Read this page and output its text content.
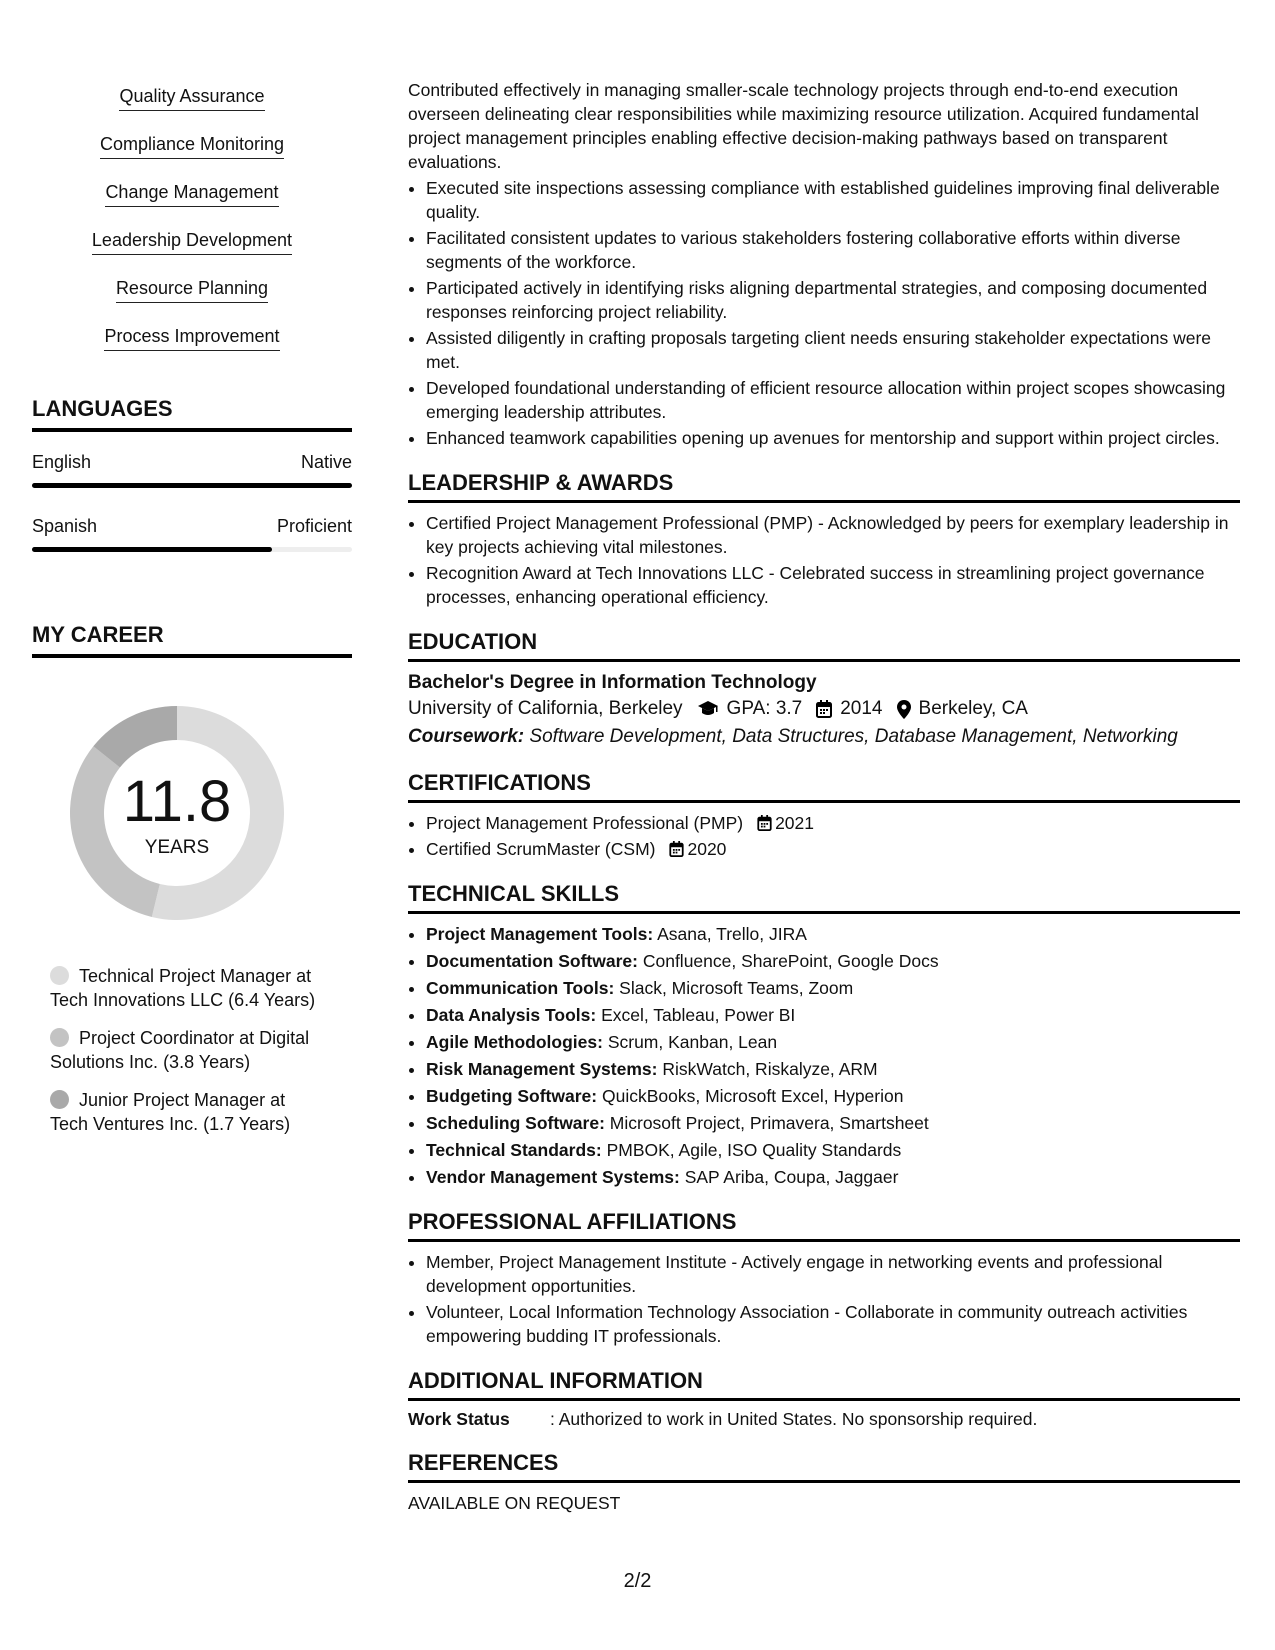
Quality Assurance
Compliance Monitoring
Change Management
Leadership Development
Resource Planning
Process Improvement
LANGUAGES
English	Native
Spanish	Proficient
MY CAREER
11.8
YEARS
Technical Project Manager at Tech Innovations LLC (6.4 Years)
Project Coordinator at Digital Solutions Inc. (3.8 Years)
Junior Project Manager at Tech Ventures Inc. (1.7 Years)

Contributed effectively in managing smaller-scale technology projects through end-to-end execution overseen delineating clear responsibilities while maximizing resource utilization. Acquired fundamental project management principles enabling effective decision-making pathways based on transparent evaluations.

• Executed site inspections assessing compliance with established guidelines improving final deliverable quality.
• Facilitated consistent updates to various stakeholders fostering collaborative efforts within diverse segments of the workforce.
• Participated actively in identifying risks aligning departmental strategies, and composing documented responses reinforcing project reliability.
• Assisted diligently in crafting proposals targeting client needs ensuring stakeholder expectations were met.
• Developed foundational understanding of efficient resource allocation within project scopes showcasing emerging leadership attributes.
• Enhanced teamwork capabilities opening up avenues for mentorship and support within project circles.
LEADERSHIP & AWARDS
• Certified Project Management Professional (PMP) - Acknowledged by peers for exemplary leadership in key projects achieving vital milestones.
• Recognition Award at Tech Innovations LLC - Celebrated success in streamlining project governance processes, enhancing operational efficiency.
EDUCATION
Bachelor's Degree in Information Technology
University of California, Berkeley GPA: 3.7 2014 Berkeley, CA

Coursework: Software Development, Data Structures, Database Management, Networking

CERTIFICATIONS
• Project Management Professional (PMP) 2021
• Certified ScrumMaster (CSM) 2020
TECHNICAL SKILLS
• Project Management Tools: Asana, Trello, JIRA
• Documentation Software: Confluence, SharePoint, Google Docs
• Communication Tools: Slack, Microsoft Teams, Zoom
• Data Analysis Tools: Excel, Tableau, Power BI
• Agile Methodologies: Scrum, Kanban, Lean
• Risk Management Systems: RiskWatch, Riskalyze, ARM
• Budgeting Software: QuickBooks, Microsoft Excel, Hyperion
• Scheduling Software: Microsoft Project, Primavera, Smartsheet
• Technical Standards: PMBOK, Agile, ISO Quality Standards
• Vendor Management Systems: SAP Ariba, Coupa, Jaggaer
PROFESSIONAL AFFILIATIONS
• Member, Project Management Institute - Actively engage in networking events and professional development opportunities.
• Volunteer, Local Information Technology Association - Collaborate in community outreach activities empowering budding IT professionals.
ADDITIONAL INFORMATION
Work Status	: Authorized to work in United States. No sponsorship required.
REFERENCES
AVAILABLE ON REQUEST
2/2
